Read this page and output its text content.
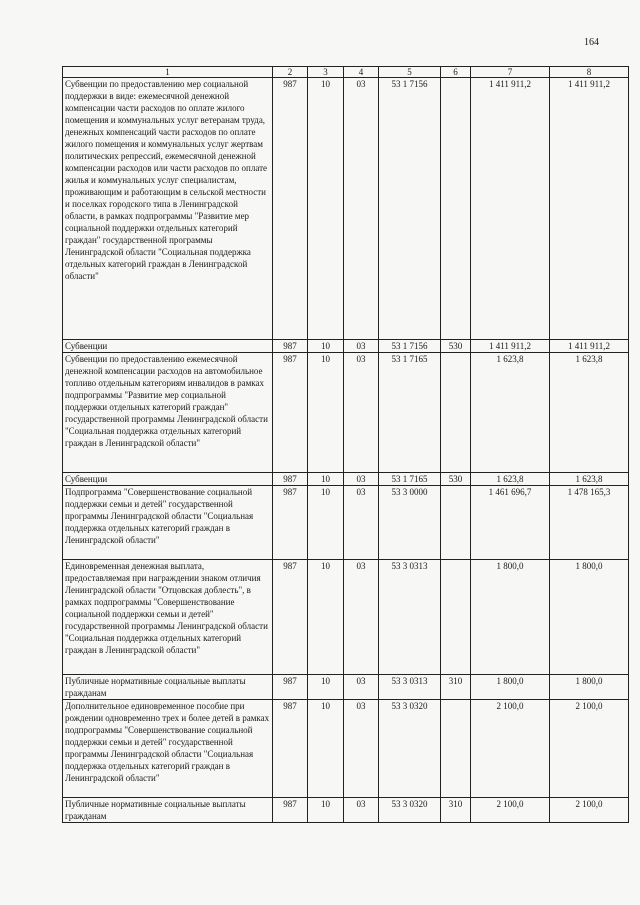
164
1	2	3	4	5	6	7	8
Субвенции по предоставлению мер социальной поддержки в виде: ежемесячной денежной компенсации части расходов по оплате жилого помещения и коммунальных услуг ветеранам труда, денежных компенсаций части расходов по оплате жилого помещения и коммунальных услуг жертвам политических репрессий, ежемесячной денежной компенсации расходов или части расходов по оплате жилья и коммунальных услуг специалистам, проживающим и работающим в сельской местности и поселках городского типа в Ленинградской области, в рамках подпрограммы "Развитие мер социальной поддержки отдельных категорий граждан" государственной программы Ленинградской области "Социальная поддержка отдельных категорий граждан в Ленинградской области"	987	10	03	53 1 7156		1 411 911,2	1 411 911,2
Субвенции	987	10	03	53 1 7156	530	1 411 911,2	1 411 911,2
Субвенции по предоставлению ежемесячной денежной компенсации расходов на автомобильное топливо отдельным категориям инвалидов в рамках подпрограммы "Развитие мер социальной поддержки отдельных категорий граждан" государственной программы Ленинградской области "Социальная поддержка отдельных категорий граждан в Ленинградской области"	987	10	03	53 1 7165		1 623,8	1 623,8
Субвенции	987	10	03	53 1 7165	530	1 623,8	1 623,8
Подпрограмма "Совершенствование социальной поддержки семьи и детей" государственной программы Ленинградской области "Социальная поддержка отдельных категорий граждан в Ленинградской области"	987	10	03	53 3 0000		1 461 696,7	1 478 165,3
Единовременная денежная выплата, предоставляемая при награждении знаком отличия Ленинградской области "Отцовская доблесть", в рамках подпрограммы "Совершенствование социальной поддержки семьи и детей" государственной программы Ленинградской области "Социальная поддержка отдельных категорий граждан в Ленинградской области"	987	10	03	53 3 0313		1 800,0	1 800,0
Публичные нормативные социальные выплаты гражданам	987	10	03	53 3 0313	310	1 800,0	1 800,0
Дополнительное единовременное пособие при рождении одновременно трех и более детей в рамках подпрограммы "Совершенствование социальной поддержки семьи и детей" государственной программы Ленинградской области "Социальная поддержка отдельных категорий граждан в Ленинградской области"	987	10	03	53 3 0320		2 100,0	2 100,0
Публичные нормативные социальные выплаты гражданам	987	10	03	53 3 0320	310	2 100,0	2 100,0
